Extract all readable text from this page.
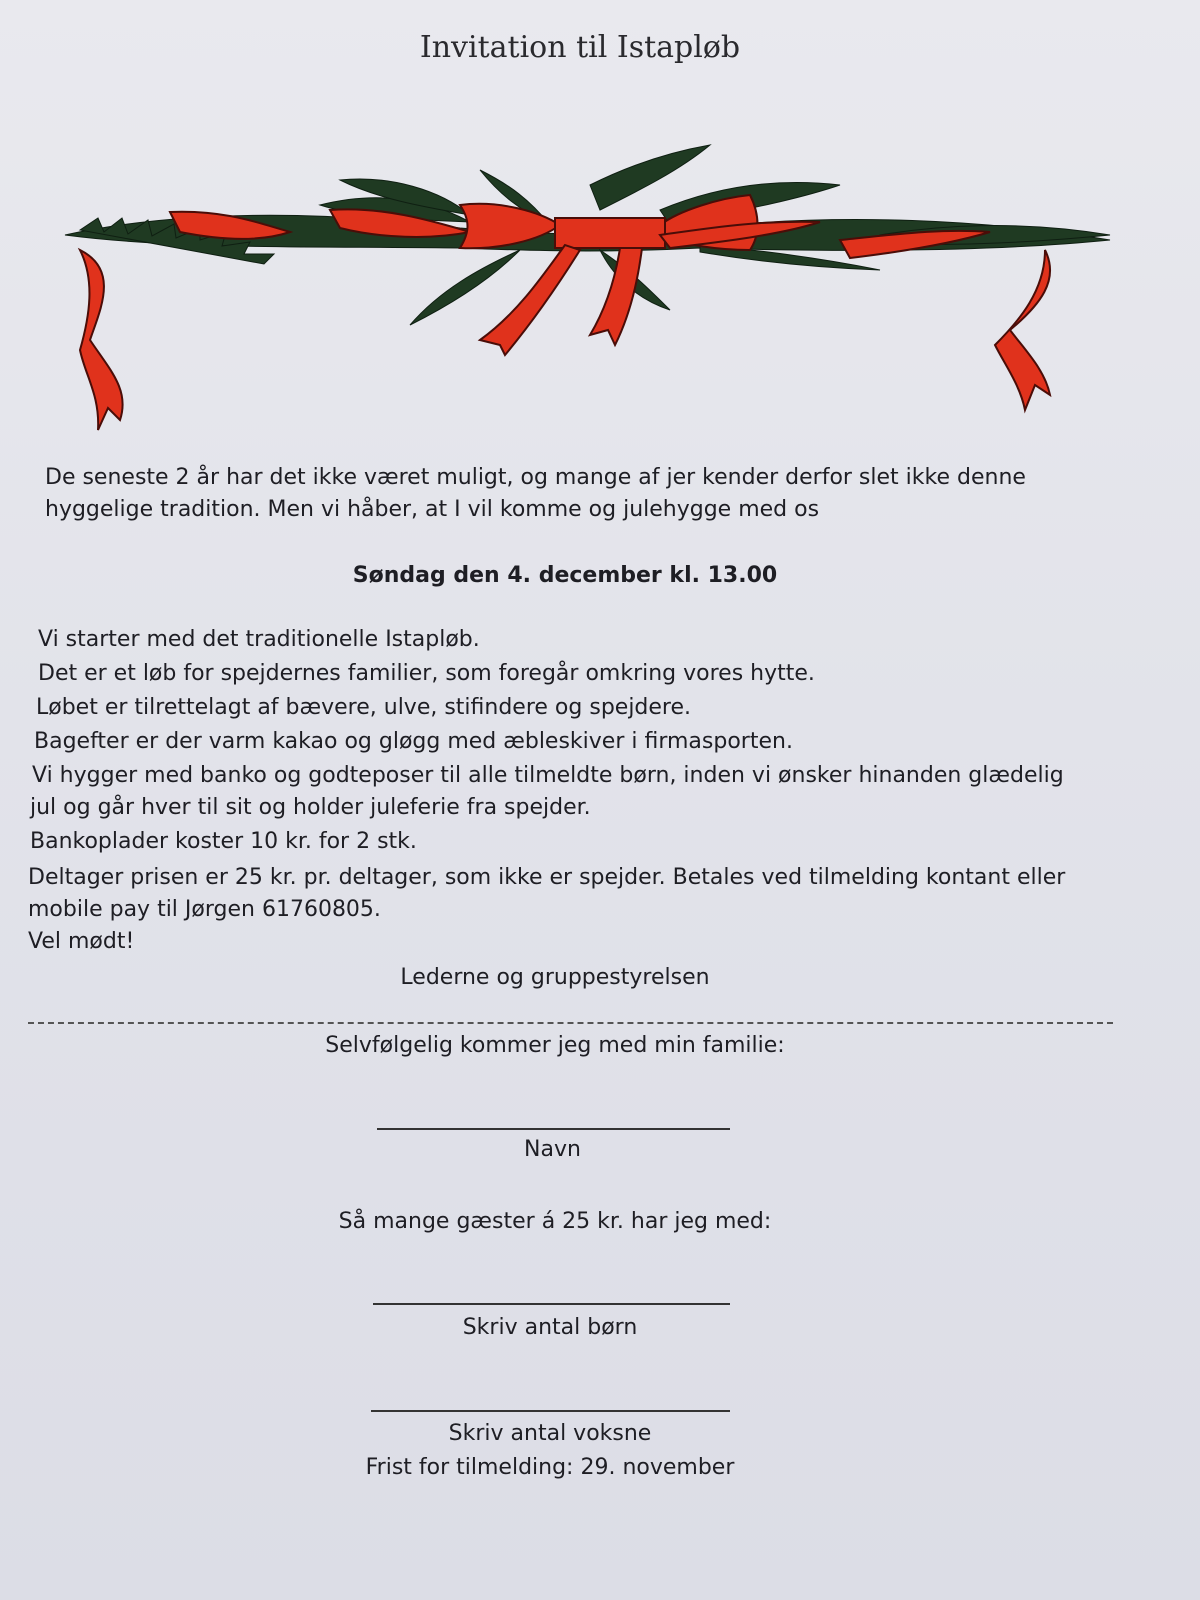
Invitation til Istapløb
De seneste 2 år har det ikke været muligt, og mange af jer kender derfor slet ikke denne
hyggelige tradition. Men vi håber, at I vil komme og julehygge med os
Søndag den 4. december kl. 13.00
Vi starter med det traditionelle Istapløb.
Det er et løb for spejdernes familier, som foregår omkring vores hytte.
Løbet er tilrettelagt af bævere, ulve, stifindere og spejdere.
Bagefter er der varm kakao og gløgg med æbleskiver i firmasporten.
Vi hygger med banko og godteposer til alle tilmeldte børn, inden vi ønsker hinanden glædelig
jul og går hver til sit og holder juleferie fra spejder.
Bankoplader koster 10 kr. for 2 stk.
Deltager prisen er 25 kr. pr. deltager, som ikke er spejder. Betales ved tilmelding kontant eller
mobile pay til Jørgen 61760805.
Vel mødt!
Lederne og gruppestyrelsen
Selvfølgelig kommer jeg med min familie:
Navn
Så mange gæster á 25 kr. har jeg med:
Skriv antal børn
Skriv antal voksne
Frist for tilmelding: 29. november
